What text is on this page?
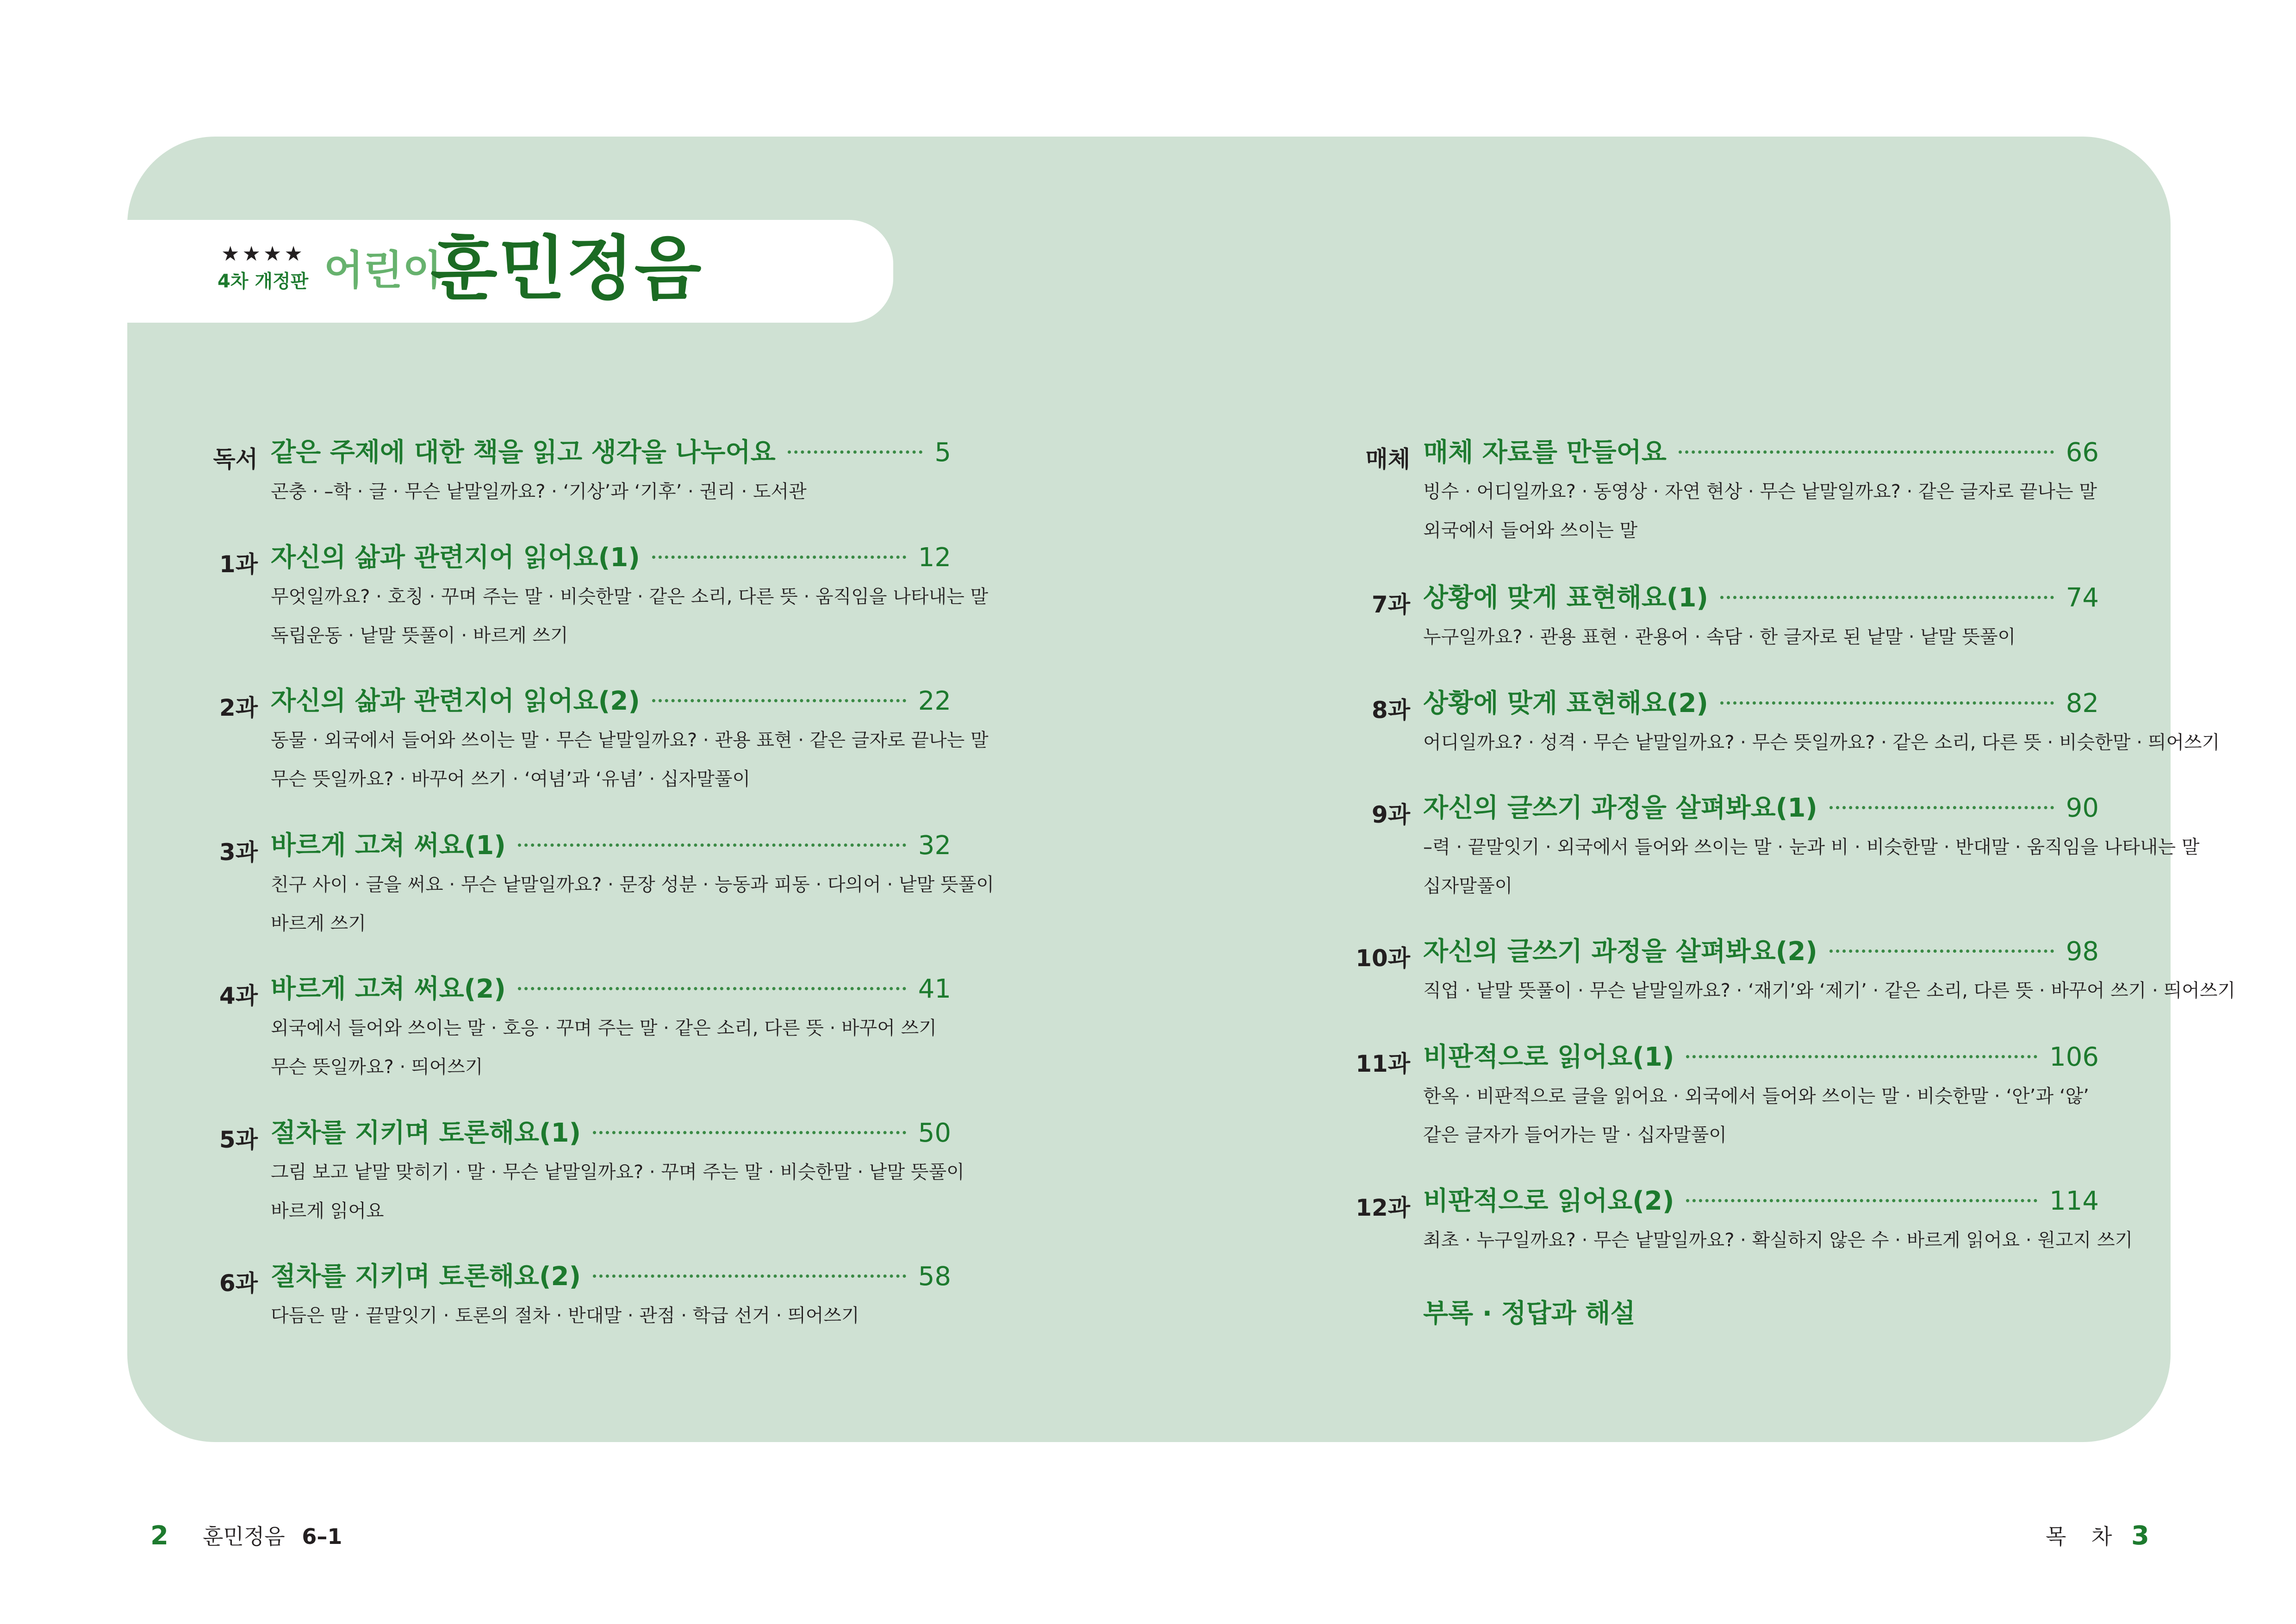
★★★★
4차 개정판 어린이
훈민정음
독서 같은 주제에 대한 책을 읽고 생각을 나누어요	5
곤충 · –학 · 글 · 무슨 낱말일까요? · ‘기상’과 ‘기후’ · 권리 · 도서관
1과 자신의 삶과 관련지어 읽어요(1)	12
무엇일까요? · 호칭 · 꾸며 주는 말 · 비슷한말 · 같은 소리, 다른 뜻 · 움직임을 나타내는 말
독립운동 · 낱말 뜻풀이 · 바르게 쓰기
2과 자신의 삶과 관련지어 읽어요(2)	22
동물 · 외국에서 들어와 쓰이는 말 · 무슨 낱말일까요? · 관용 표현 · 같은 글자로 끝나는 말
무슨 뜻일까요? · 바꾸어 쓰기 · ‘여념’과 ‘유념’ · 십자말풀이
3과 바르게 고쳐 써요(1)	32
친구 사이 · 글을 써요 · 무슨 낱말일까요? · 문장 성분 · 능동과 피동 · 다의어 · 낱말 뜻풀이
바르게 쓰기
4과 바르게 고쳐 써요(2)	41
외국에서 들어와 쓰이는 말 · 호응 · 꾸며 주는 말 · 같은 소리, 다른 뜻 · 바꾸어 쓰기
무슨 뜻일까요? · 띄어쓰기
5과 절차를 지키며 토론해요(1)	50
그림 보고 낱말 맞히기 · 말 · 무슨 낱말일까요? · 꾸며 주는 말 · 비슷한말 · 낱말 뜻풀이
바르게 읽어요
6과 절차를 지키며 토론해요(2)	58
다듬은 말 · 끝말잇기 · 토론의 절차 · 반대말 · 관점 · 학급 선거 · 띄어쓰기
매체 매체 자료를 만들어요	66
빙수 · 어디일까요? · 동영상 · 자연 현상 · 무슨 낱말일까요? · 같은 글자로 끝나는 말
외국에서 들어와 쓰이는 말
7과 상황에 맞게 표현해요(1)	74
누구일까요? · 관용 표현 · 관용어 · 속담 · 한 글자로 된 낱말 · 낱말 뜻풀이
8과 상황에 맞게 표현해요(2)	82
어디일까요? · 성격 · 무슨 낱말일까요? · 무슨 뜻일까요? · 같은 소리, 다른 뜻 · 비슷한말 · 띄어쓰기
9과 자신의 글쓰기 과정을 살펴봐요(1)	90
–력 · 끝말잇기 · 외국에서 들어와 쓰이는 말 · 눈과 비 · 비슷한말 · 반대말 · 움직임을 나타내는 말
십자말풀이
10과 자신의 글쓰기 과정을 살펴봐요(2)	98
직업 · 낱말 뜻풀이 · 무슨 낱말일까요? · ‘재기’와 ‘제기’ · 같은 소리, 다른 뜻 · 바꾸어 쓰기 · 띄어쓰기
11과 비판적으로 읽어요(1)	106
한옥 · 비판적으로 글을 읽어요 · 외국에서 들어와 쓰이는 말 · 비슷한말 · ‘안’과 ‘않’
같은 글자가 들어가는 말 · 십자말풀이
12과 비판적으로 읽어요(2)	114
최초 · 누구일까요? · 무슨 낱말일까요? · 확실하지 않은 수 · 바르게 읽어요 · 원고지 쓰기
부록 · 정답과 해설
2 훈민정음 6–1	목 차 3
